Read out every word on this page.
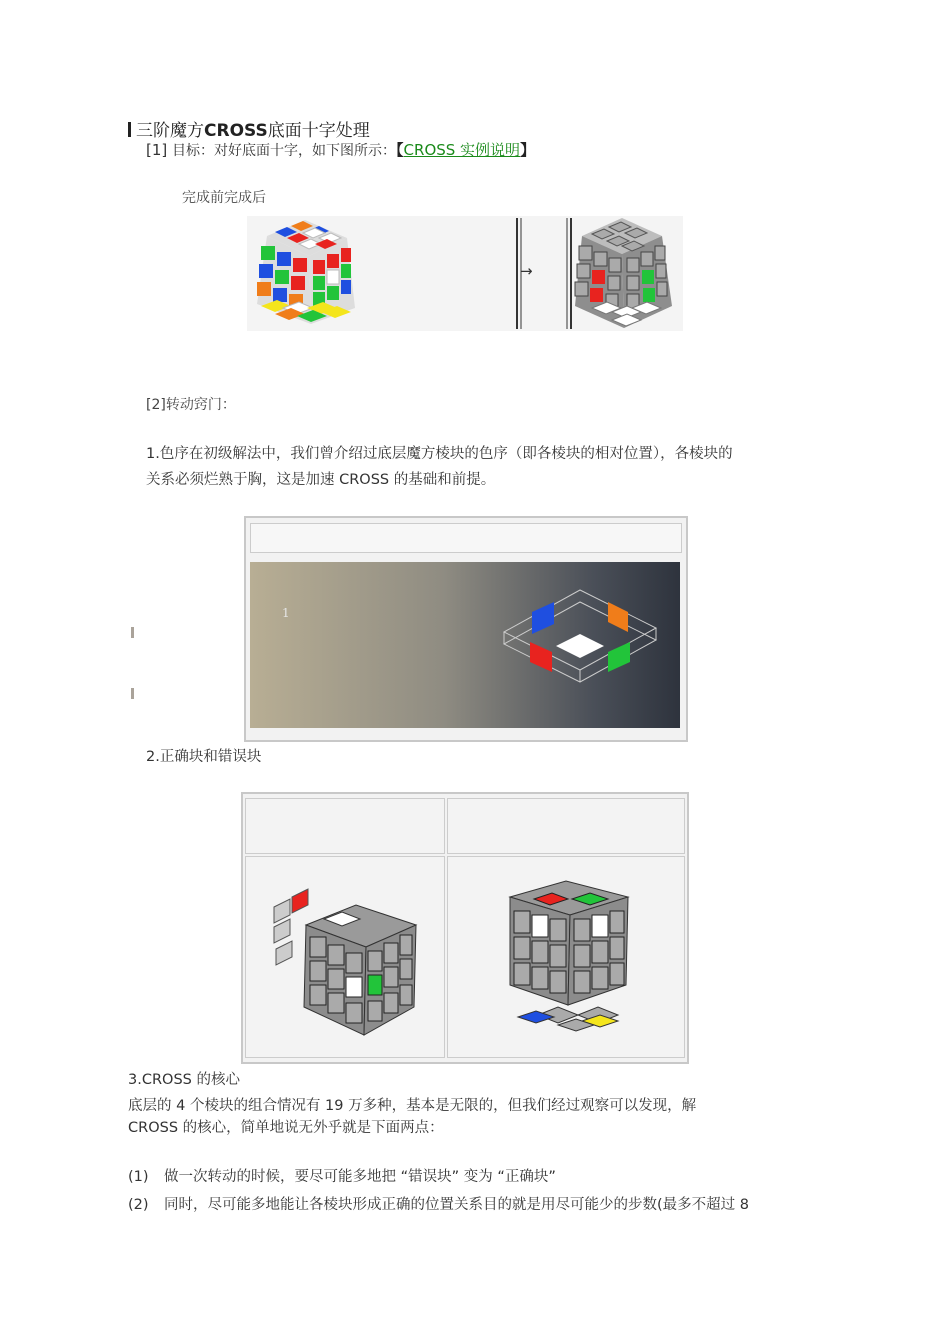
三阶魔方CROSS底面十字处理
[1] 目标：对好底面十字，如下图所示：【CROSS 实例说明】
完成前完成后
→
[2]转动窍门：
1.色序在初级解法中，我们曾介绍过底层魔方棱块的色序（即各棱块的相对位置），各棱块的
关系必须烂熟于胸，这是加速 CROSS 的基础和前提。
1
2.正确块和错误块
3.CROSS 的核心
底层的 4 个棱块的组合情况有 19 万多种，基本是无限的，但我们经过观察可以发现，解
CROSS 的核心，简单地说无外乎就是下面两点：
(1) 做一次转动的时候，要尽可能多地把 “错误块” 变为 “正确块”
(2) 同时，尽可能多地能让各棱块形成正确的位置关系目的就是用尽可能少的步数(最多不超过 8
